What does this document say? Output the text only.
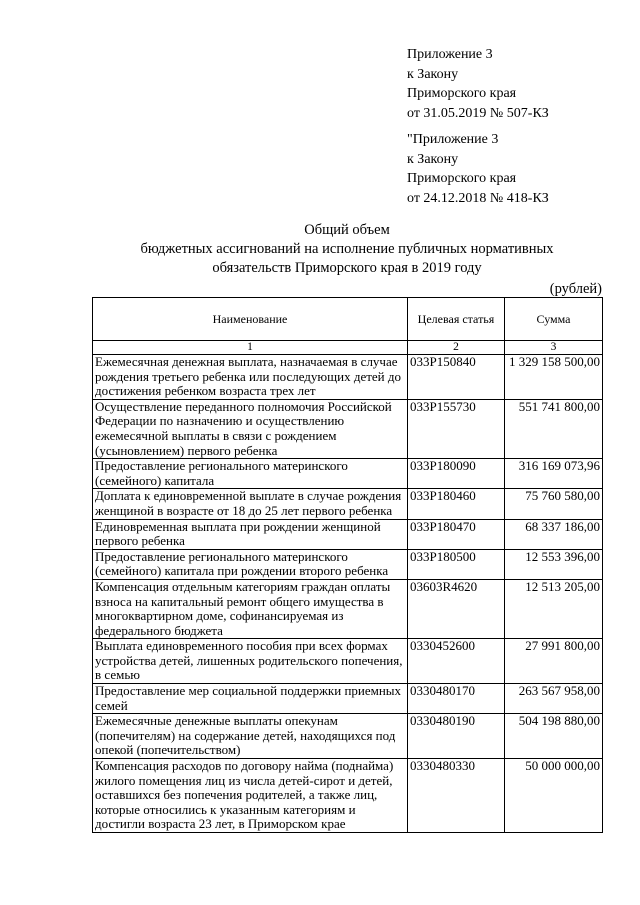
Приложение 3
к Закону
Приморского края
от 31.05.2019 № 507-КЗ
"Приложение 3
к Закону
Приморского края
от 24.12.2018 № 418-КЗ
Общий объем
бюджетных ассигнований на исполнение публичных нормативных
обязательств Приморского края в 2019 году
(рублей)
Наименование	Целевая статья	Сумма
1	2	3
Ежемесячная денежная выплата, назначаемая в случае рождения третьего ребенка или последующих детей до достижения ребенком возраста трех лет	033P150840	1 329 158 500,00
Осуществление переданного полномочия Российской Федерации по назначению и осуществлению ежемесячной выплаты в связи с рождением (усыновлением) первого ребенка	033P155730	551 741 800,00
Предоставление регионального материнского (семейного) капитала	033P180090	316 169 073,96
Доплата к единовременной выплате в случае рождения женщиной в возрасте от 18 до 25 лет первого ребенка	033P180460	75 760 580,00
Единовременная выплата при рождении женщиной первого ребенка	033P180470	68 337 186,00
Предоставление регионального материнского (семейного) капитала при рождении второго ребенка	033P180500	12 553 396,00
Компенсация отдельным категориям граждан оплаты взноса на капитальный ремонт общего имущества в многоквартирном доме, софинансируемая из федерального бюджета	03603R4620	12 513 205,00
Выплата единовременного пособия при всех формах устройства детей, лишенных родительского попечения, в семью	0330452600	27 991 800,00
Предоставление мер социальной поддержки приемных семей	0330480170	263 567 958,00
Ежемесячные денежные выплаты опекунам (попечителям) на содержание детей, находящихся под опекой (попечительством)	0330480190	504 198 880,00
Компенсация расходов по договору найма (поднайма) жилого помещения лиц из числа детей-сирот и детей, оставшихся без попечения родителей, а также лиц, которые относились к указанным категориям и достигли возраста 23 лет, в Приморском крае	0330480330	50 000 000,00
